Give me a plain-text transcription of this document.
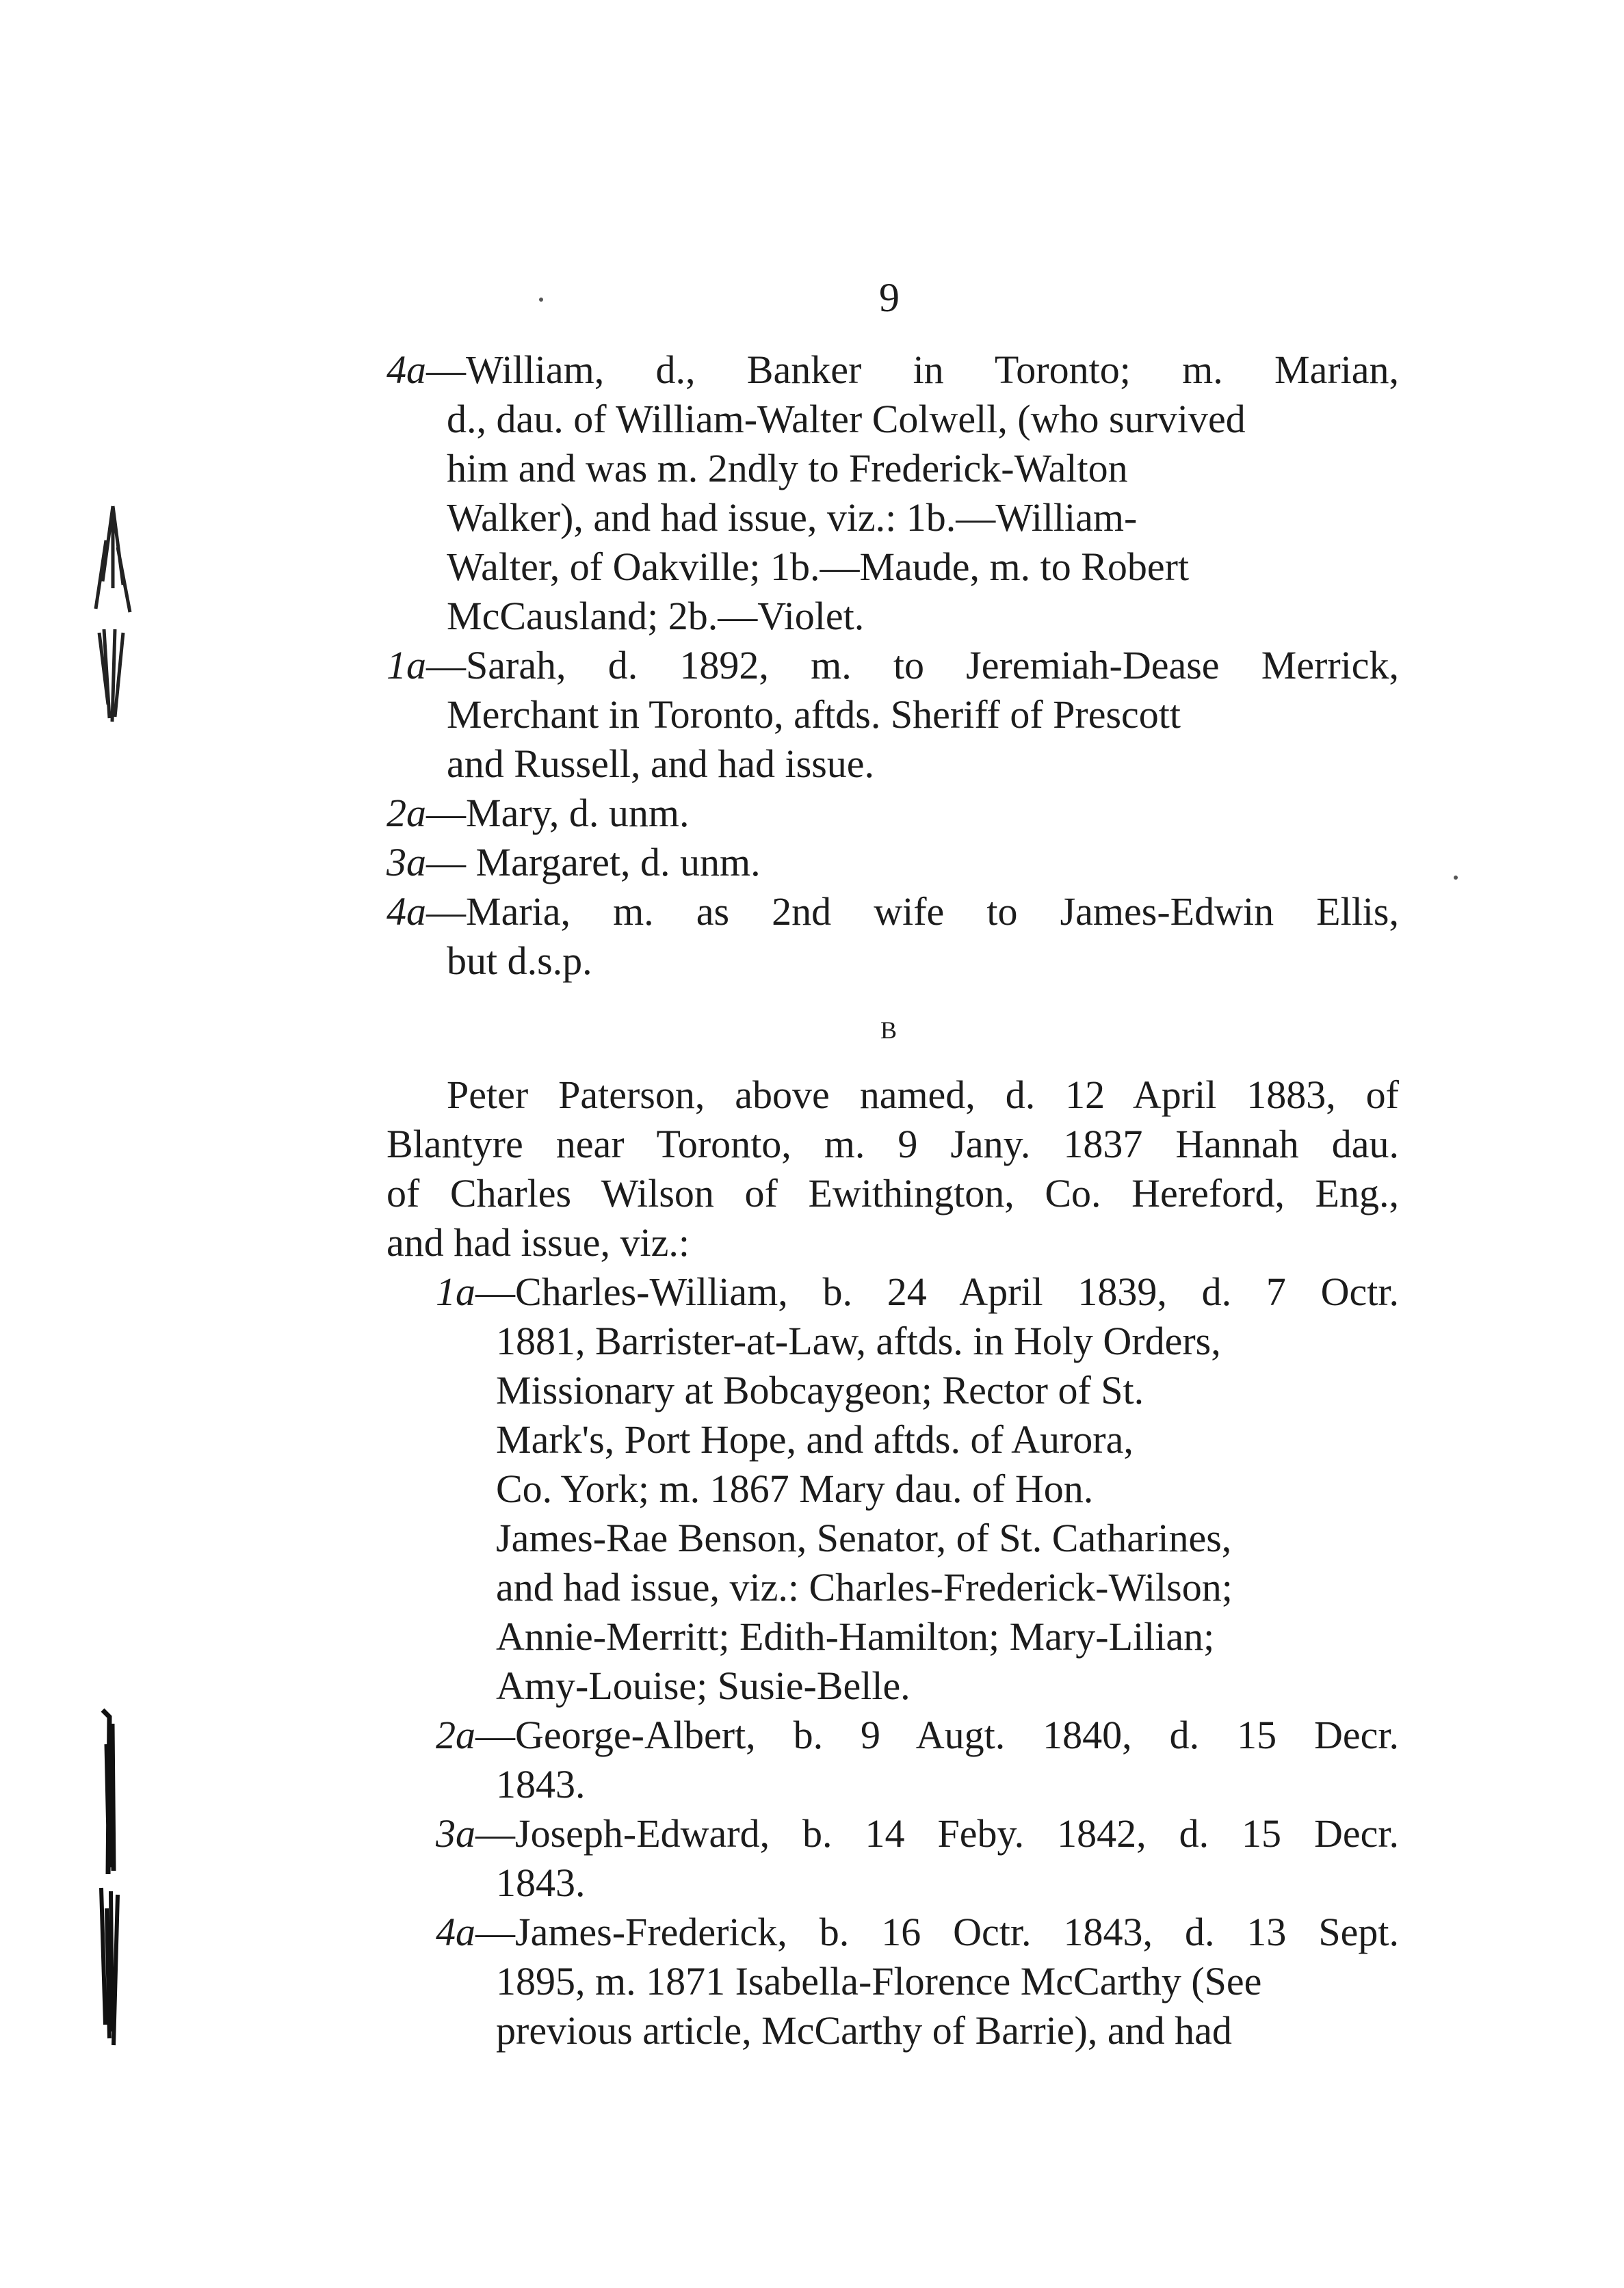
9
4a—William, d., Banker in Toronto; m. Marian,
d., dau. of William-Walter Colwell, (who survived
him and was m. 2ndly to Frederick-Walton
Walker), and had issue, viz.: 1b.—William-
Walter, of Oakville; 1b.—Maude, m. to Robert
McCausland; 2b.—Violet.
1a—Sarah, d. 1892, m. to Jeremiah-Dease Merrick,
Merchant in Toronto, aftds. Sheriff of Prescott
and Russell, and had issue.
2a—Mary, d. unm.
3a— Margaret, d. unm.
4a—Maria, m. as 2nd wife to James-Edwin Ellis,
but d.s.p.
B
Peter Paterson, above named, d. 12 April 1883, of
Blantyre near Toronto, m. 9 Jany. 1837 Hannah dau.
of Charles Wilson of Ewithington, Co. Hereford, Eng.,
and had issue, viz.:
1a—Charles-William, b. 24 April 1839, d. 7 Octr.
1881, Barrister-at-Law, aftds. in Holy Orders,
Missionary at Bobcaygeon; Rector of St.
Mark's, Port Hope, and aftds. of Aurora,
Co. York; m. 1867 Mary dau. of Hon.
James-Rae Benson, Senator, of St. Catharines,
and had issue, viz.: Charles-Frederick-Wilson;
Annie-Merritt; Edith-Hamilton; Mary-Lilian;
Amy-Louise; Susie-Belle.
2a—George-Albert, b. 9 Augt. 1840, d. 15 Decr.
1843.
3a—Joseph-Edward, b. 14 Feby. 1842, d. 15 Decr.
1843.
4a—James-Frederick, b. 16 Octr. 1843, d. 13 Sept.
1895, m. 1871 Isabella-Florence McCarthy (See
previous article, McCarthy of Barrie), and had
